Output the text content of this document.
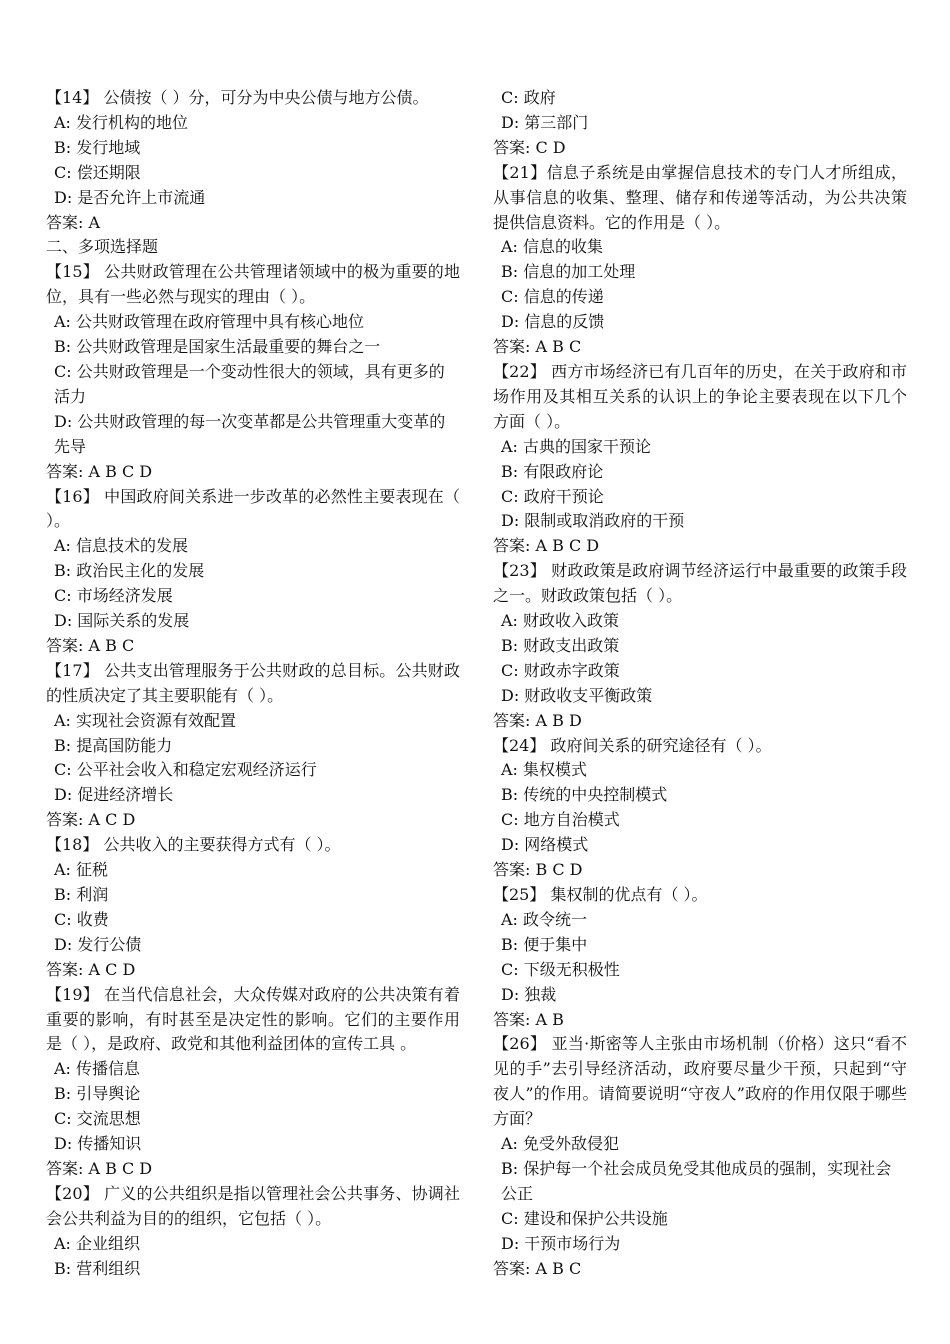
【14】 公债按（ ）分，可分为中央公债与地方公债。
A: 发行机构的地位
B: 发行地域
C: 偿还期限
D: 是否允许上市流通
答案: A
二、多项选择题
【15】 公共财政管理在公共管理诸领域中的极为重要的地位，具有一些必然与现实的理由（ ）。
A: 公共财政管理在政府管理中具有核心地位
B: 公共财政管理是国家生活最重要的舞台之一
C: 公共财政管理是一个变动性很大的领域，具有更多的活力
D: 公共财政管理的每一次变革都是公共管理重大变革的先导
答案: A B C D
【16】 中国政府间关系进一步改革的必然性主要表现在（ ）。
A: 信息技术的发展
B: 政治民主化的发展
C: 市场经济发展
D: 国际关系的发展
答案: A B C
【17】 公共支出管理服务于公共财政的总目标。公共财政的性质决定了其主要职能有（ ）。
A: 实现社会资源有效配置
B: 提高国防能力
C: 公平社会收入和稳定宏观经济运行
D: 促进经济增长
答案: A C D
【18】 公共收入的主要获得方式有（ ）。
A: 征税
B: 利润
C: 收费
D: 发行公债
答案: A C D
【19】 在当代信息社会，大众传媒对政府的公共决策有着重要的影响，有时甚至是决定性的影响。它们的主要作用是（ ），是政府、政党和其他利益团体的宣传工具 。
A: 传播信息
B: 引导舆论
C: 交流思想
D: 传播知识
答案: A B C D
【20】 广义的公共组织是指以管理社会公共事务、协调社会公共利益为目的的组织，它包括（ ）。
A: 企业组织
B: 营利组织
C: 政府
D: 第三部门
答案: C D
【21】信息子系统是由掌握信息技术的专门人才所组成，从事信息的收集、整理、储存和传递等活动，为公共决策提供信息资料。它的作用是（ ）。
A: 信息的收集
B: 信息的加工处理
C: 信息的传递
D: 信息的反馈
答案: A B C
【22】 西方市场经济已有几百年的历史，在关于政府和市场作用及其相互关系的认识上的争论主要表现在以下几个方面（ ）。
A: 古典的国家干预论
B: 有限政府论
C: 政府干预论
D: 限制或取消政府的干预
答案: A B C D
【23】 财政政策是政府调节经济运行中最重要的政策手段之一。财政政策包括（ ）。
A: 财政收入政策
B: 财政支出政策
C: 财政赤字政策
D: 财政收支平衡政策
答案: A B D
【24】 政府间关系的研究途径有（ ）。
A: 集权模式
B: 传统的中央控制模式
C: 地方自治模式
D: 网络模式
答案: B C D
【25】 集权制的优点有（ ）。
A: 政令统一
B: 便于集中
C: 下级无积极性
D: 独裁
答案: A B
【26】 亚当·斯密等人主张由市场机制（价格）这只“看不见的手”去引导经济活动，政府要尽量少干预，只起到“守夜人”的作用。请简要说明“守夜人”政府的作用仅限于哪些方面？
A: 免受外敌侵犯
B: 保护每一个社会成员免受其他成员的强制，实现社会公正
C: 建设和保护公共设施
D: 干预市场行为
答案: A B C
